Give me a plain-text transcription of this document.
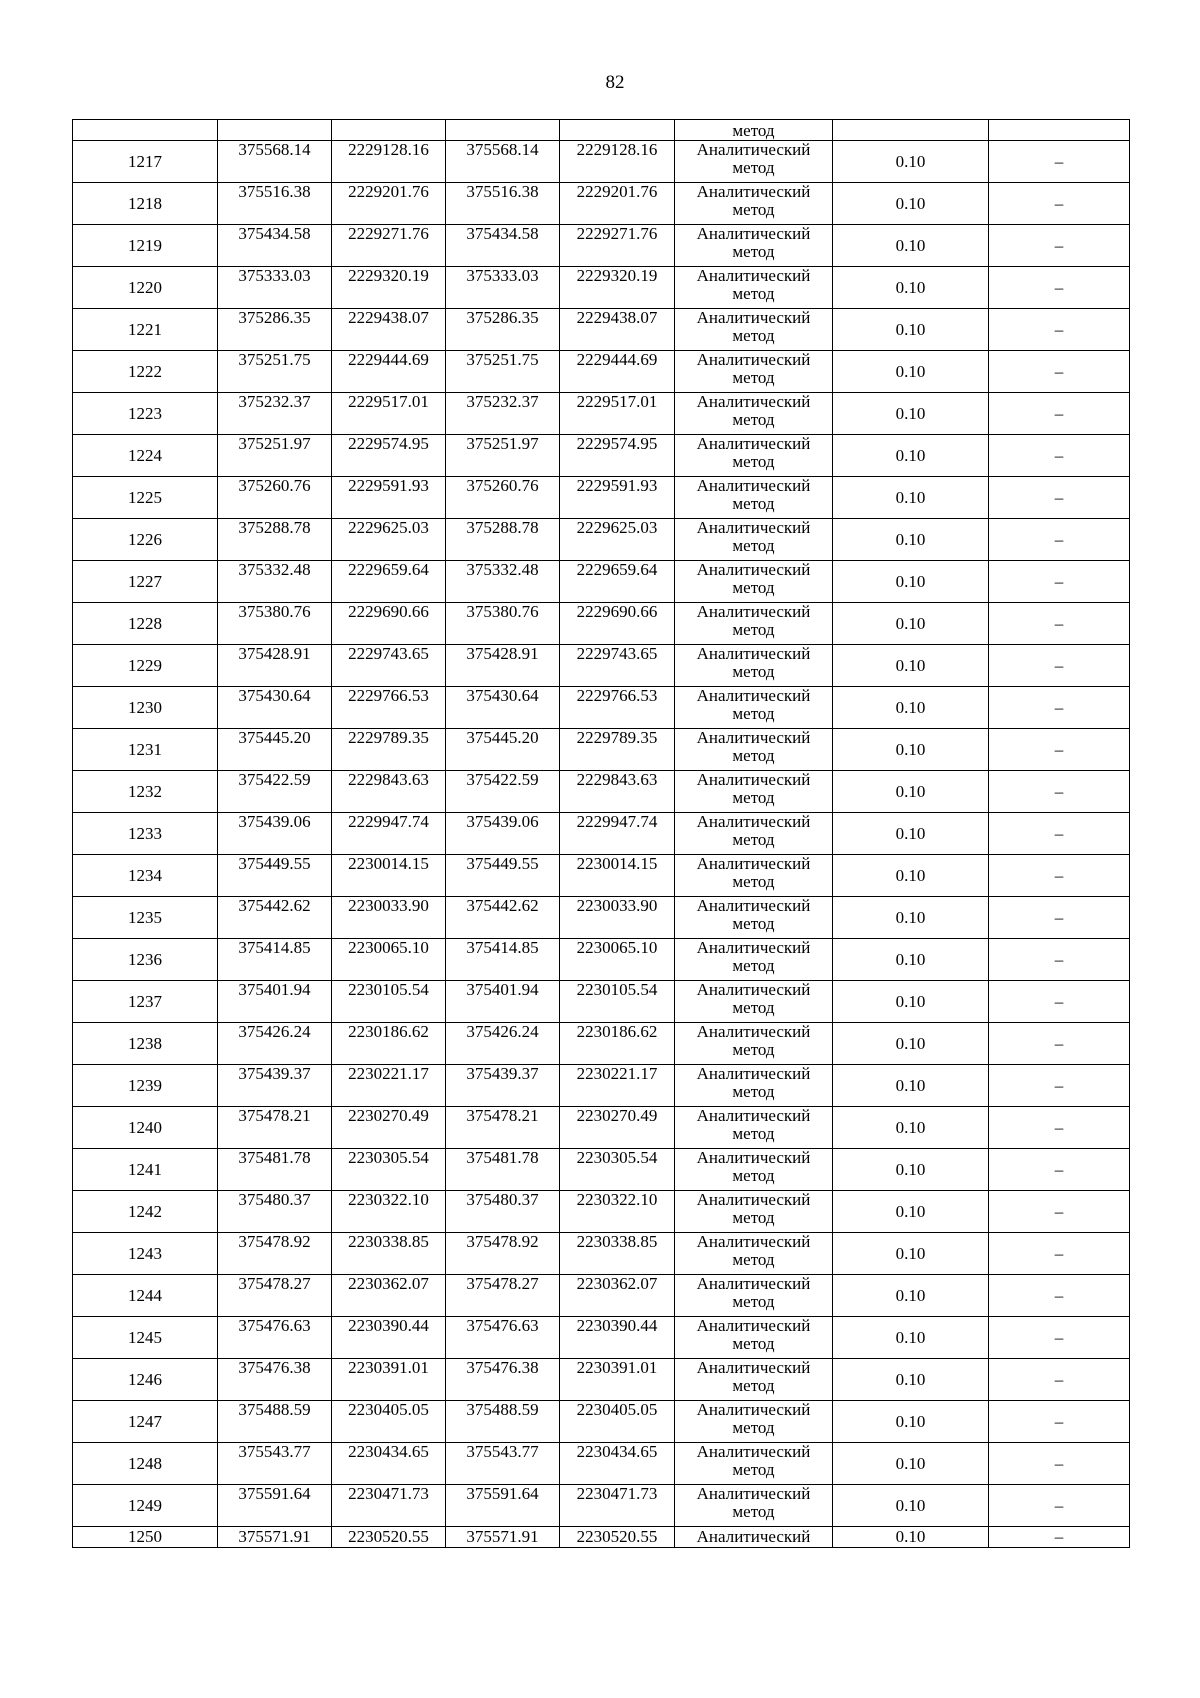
82
					метод		
1217	375568.14	2229128.16	375568.14	2229128.16	Аналитический
метод	0.10	–
1218	375516.38	2229201.76	375516.38	2229201.76	Аналитический
метод	0.10	–
1219	375434.58	2229271.76	375434.58	2229271.76	Аналитический
метод	0.10	–
1220	375333.03	2229320.19	375333.03	2229320.19	Аналитический
метод	0.10	–
1221	375286.35	2229438.07	375286.35	2229438.07	Аналитический
метод	0.10	–
1222	375251.75	2229444.69	375251.75	2229444.69	Аналитический
метод	0.10	–
1223	375232.37	2229517.01	375232.37	2229517.01	Аналитический
метод	0.10	–
1224	375251.97	2229574.95	375251.97	2229574.95	Аналитический
метод	0.10	–
1225	375260.76	2229591.93	375260.76	2229591.93	Аналитический
метод	0.10	–
1226	375288.78	2229625.03	375288.78	2229625.03	Аналитический
метод	0.10	–
1227	375332.48	2229659.64	375332.48	2229659.64	Аналитический
метод	0.10	–
1228	375380.76	2229690.66	375380.76	2229690.66	Аналитический
метод	0.10	–
1229	375428.91	2229743.65	375428.91	2229743.65	Аналитический
метод	0.10	–
1230	375430.64	2229766.53	375430.64	2229766.53	Аналитический
метод	0.10	–
1231	375445.20	2229789.35	375445.20	2229789.35	Аналитический
метод	0.10	–
1232	375422.59	2229843.63	375422.59	2229843.63	Аналитический
метод	0.10	–
1233	375439.06	2229947.74	375439.06	2229947.74	Аналитический
метод	0.10	–
1234	375449.55	2230014.15	375449.55	2230014.15	Аналитический
метод	0.10	–
1235	375442.62	2230033.90	375442.62	2230033.90	Аналитический
метод	0.10	–
1236	375414.85	2230065.10	375414.85	2230065.10	Аналитический
метод	0.10	–
1237	375401.94	2230105.54	375401.94	2230105.54	Аналитический
метод	0.10	–
1238	375426.24	2230186.62	375426.24	2230186.62	Аналитический
метод	0.10	–
1239	375439.37	2230221.17	375439.37	2230221.17	Аналитический
метод	0.10	–
1240	375478.21	2230270.49	375478.21	2230270.49	Аналитический
метод	0.10	–
1241	375481.78	2230305.54	375481.78	2230305.54	Аналитический
метод	0.10	–
1242	375480.37	2230322.10	375480.37	2230322.10	Аналитический
метод	0.10	–
1243	375478.92	2230338.85	375478.92	2230338.85	Аналитический
метод	0.10	–
1244	375478.27	2230362.07	375478.27	2230362.07	Аналитический
метод	0.10	–
1245	375476.63	2230390.44	375476.63	2230390.44	Аналитический
метод	0.10	–
1246	375476.38	2230391.01	375476.38	2230391.01	Аналитический
метод	0.10	–
1247	375488.59	2230405.05	375488.59	2230405.05	Аналитический
метод	0.10	–
1248	375543.77	2230434.65	375543.77	2230434.65	Аналитический
метод	0.10	–
1249	375591.64	2230471.73	375591.64	2230471.73	Аналитический
метод	0.10	–
1250	375571.91	2230520.55	375571.91	2230520.55	Аналитический	0.10	–
